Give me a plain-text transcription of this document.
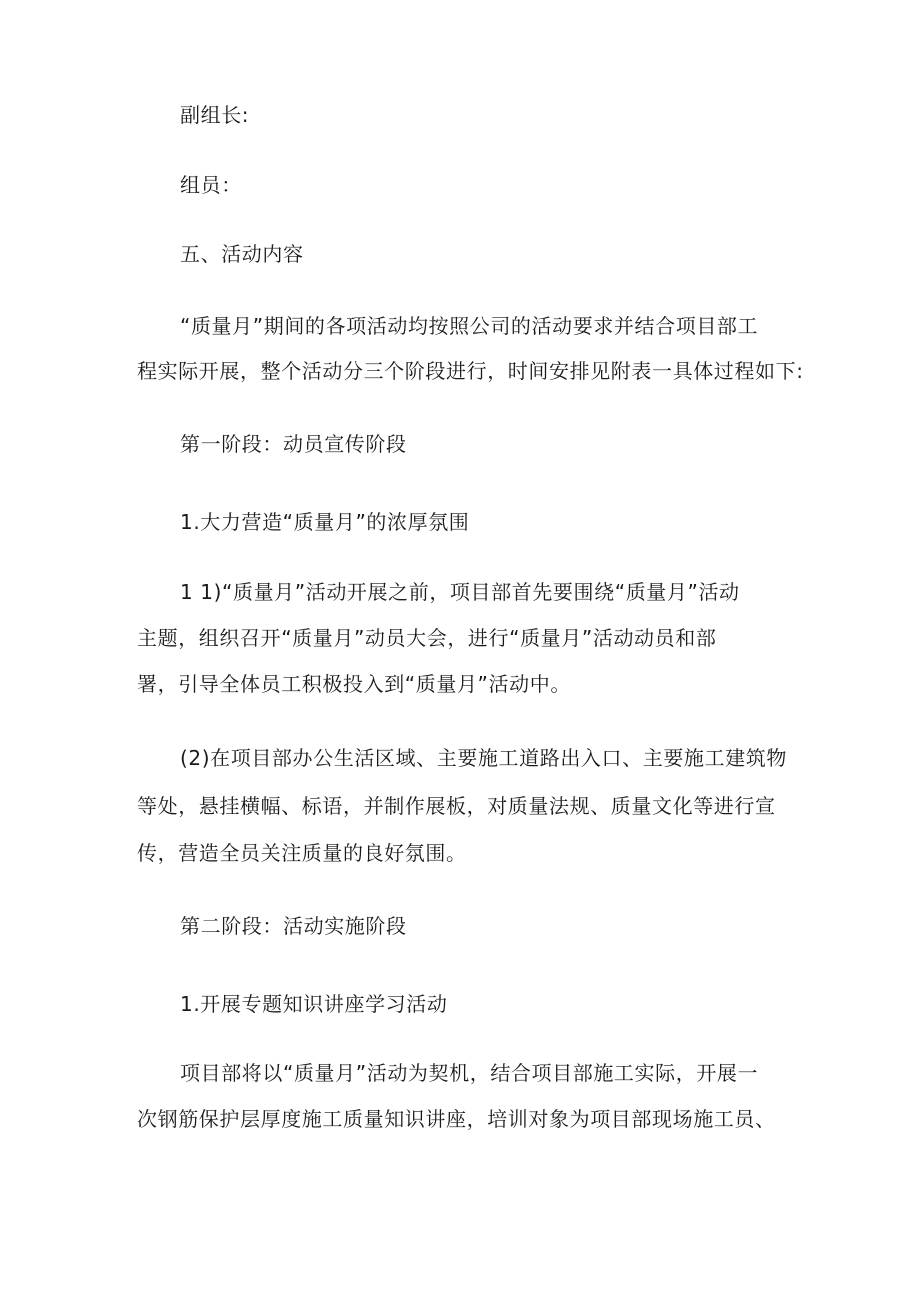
副组长:
组员：
五、活动内容
“质量月”期间的各项活动均按照公司的活动要求并结合项目部工
程实际开展，整个活动分三个阶段进行，时间安排见附表一具体过程如下:
第一阶段：动员宣传阶段
1.大力营造“质量月”的浓厚氛围
1 1)“质量月”活动开展之前，项目部首先要围绕“质量月”活动
主题，组织召开“质量月”动员大会，进行“质量月”活动动员和部
署，引导全体员工积极投入到“质量月”活动中。
(2)在项目部办公生活区域、主要施工道路出入口、主要施工建筑物
等处，悬挂横幅、标语，并制作展板，对质量法规、质量文化等进行宣
传，营造全员关注质量的良好氛围。
第二阶段：活动实施阶段
1.开展专题知识讲座学习活动
项目部将以“质量月”活动为契机，结合项目部施工实际，开展一
次钢筋保护层厚度施工质量知识讲座，培训对象为项目部现场施工员、
